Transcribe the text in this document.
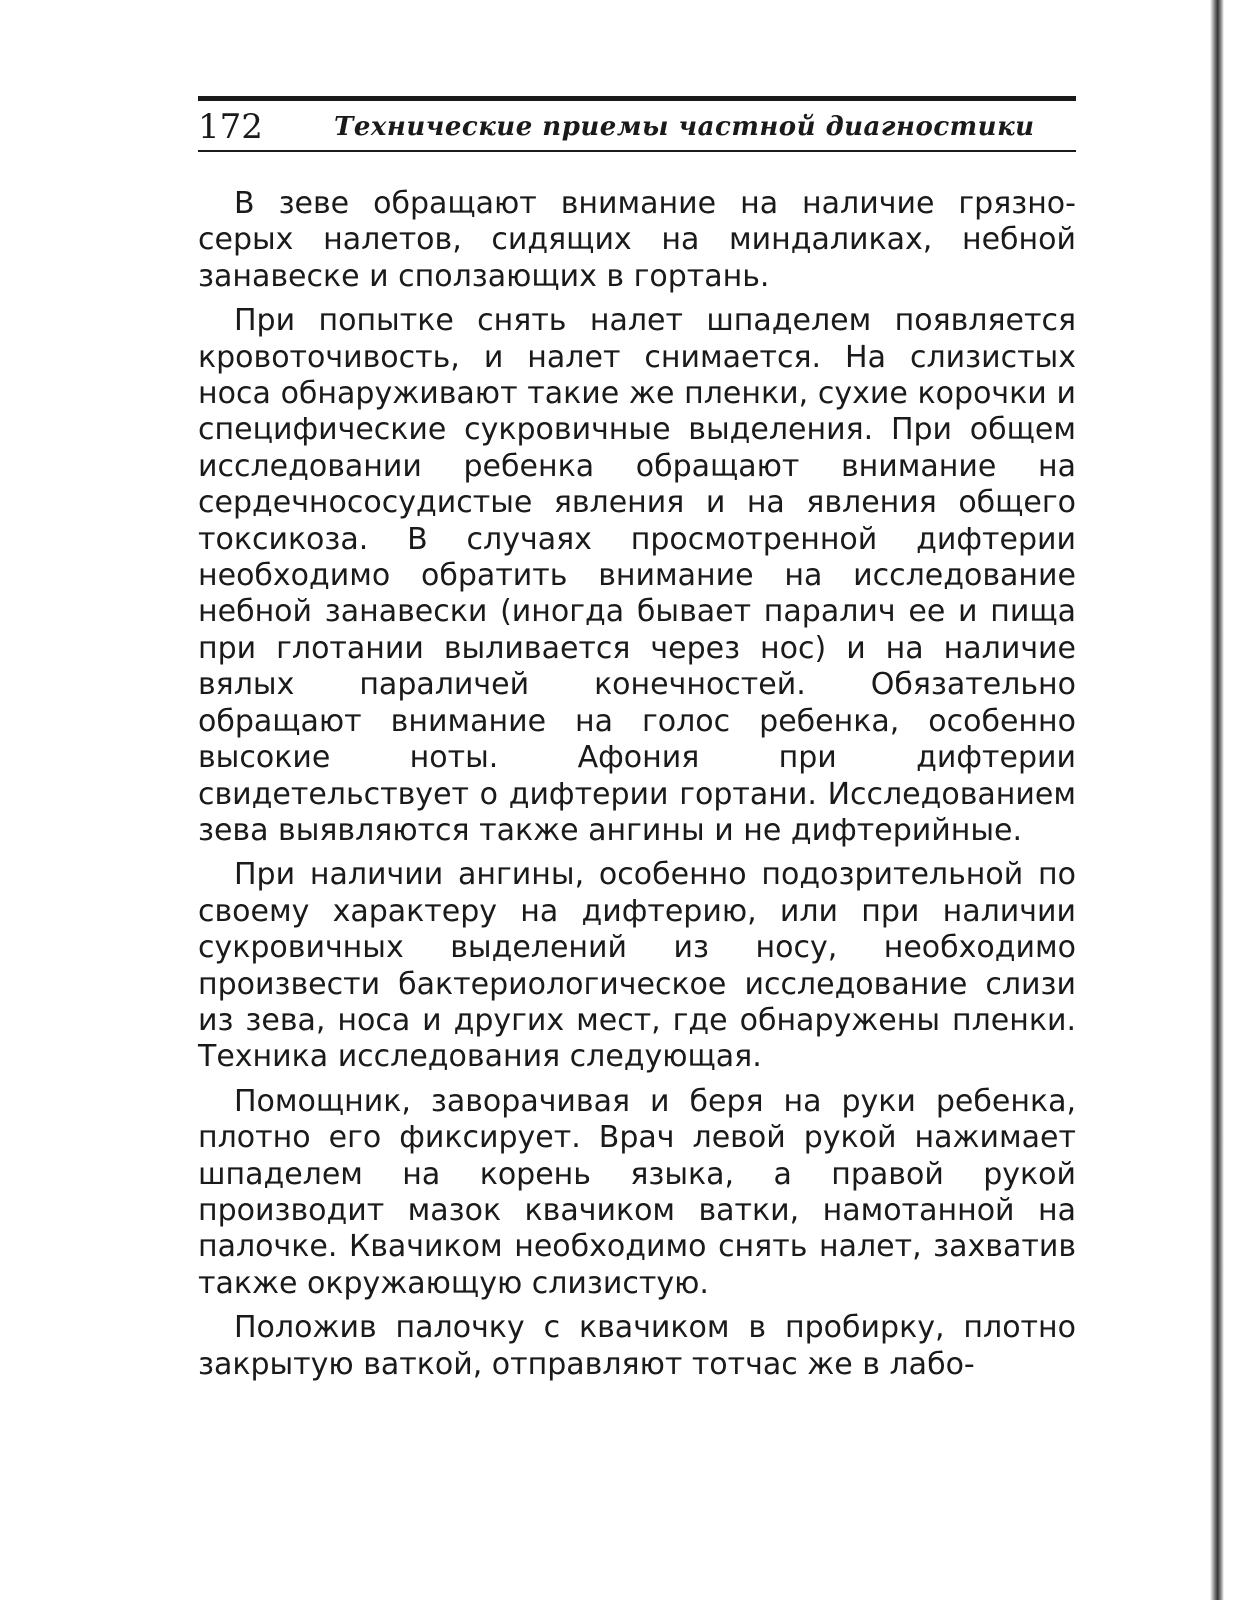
172	Технические приемы частной диагностики

В зеве обращают внимание на наличие грязно-серых налетов, сидящих на миндаликах, небной занавеске и сползающих в гортань.

При попытке снять налет шпаделем появляется кровоточивость, и налет снимается. На слизистых носа обнаруживают такие же пленки, сухие корочки и специфические сукровичные выделения. При общем исследовании ребенка обращают внимание на сердечнососудистые явления и на явления общего токсикоза. В случаях просмотренной дифтерии необходимо обратить внимание на исследование небной занавески (иногда бывает паралич ее и пища при глотании выливается через нос) и на наличие вялых параличей конечностей. Обязательно обращают внимание на голос ребенка, особенно высокие ноты. Афония при дифтерии свидетельствует о дифтерии гортани. Исследованием зева выявляются также ангины и не дифтерийные.

При наличии ангины, особенно подозрительной по своему характеру на дифтерию, или при наличии сукровичных выделений из носу, необходимо произвести бактериологическое исследование слизи из зева, носа и других мест, где обнаружены пленки. Техника исследования следующая.

Помощник, заворачивая и беря на руки ребенка, плотно его фиксирует. Врач левой рукой нажимает шпаделем на корень языка, а правой рукой производит мазок квачиком ватки, намотанной на палочке. Квачиком необходимо снять налет, захватив также окружающую слизистую.

Положив палочку с квачиком в пробирку, плотно закрытую ваткой, отправляют тотчас же в лабо-
